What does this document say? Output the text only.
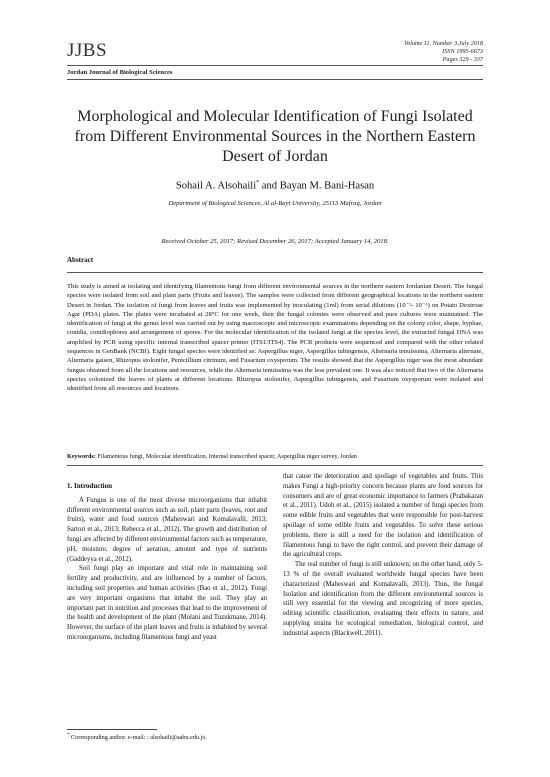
JJBS	Volume 11, Number 3,July 2018
ISSN 1995-6673
Pages 329 - 337
Jordan Journal of Biological Sciences
Morphological and Molecular Identification of Fungi Isolated from Different Environmental Sources in the Northern Eastern Desert of Jordan
Sohail A. Alsohaili* and Bayan M. Bani-Hasan
Department of Biological Sciences, Al al-Bayt University, 25113 Mafraq, Jordan
Received October 25, 2017; Revised December 26, 2017; Accepted January 14, 2018.
Abstract
This study is aimed at isolating and identifying filamentous fungi from different environmental sources in the northern eastern Jordanian Desert. The fungal species were isolated from soil and plant parts (Fruits and leaves). The samples were collected from different geographical locations in the northern eastern Desert in Jordan. The isolation of fungi from leaves and fruits was implemented by inoculating (1ml) from serial dilutions (10⁻¹- 10⁻⁶) on Potato Dextrose Agar (PDA) plates. The plates were incubated at 28°C for one week, then the fungal colonies were observed and pure cultures were maintained. The identification of fungi at the genus level was carried out by using macroscopic and microscopic examinations depending on the colony color, shape, hyphae, conidia, conidiophores and arrangement of spores. For the molecular identification of the isolated fungi at the species level, the extracted fungal DNA was amplified by PCR using specific internal transcribed spacer primer (ITS1/ITS4). The PCR products were sequenced and compared with the other related sequences in GenBank (NCBI). Eight fungal species were identified as: Aspergillus niger, Aspergillus tubingensis, Alternaria tenuissima, Alternaria alternate, Alternaria gaisen, Rhizopus stolonifer, Penicillium citrinum, and Fusarium oxysporum. The results showed that the Aspergillus niger was the most abundant fungus obtained from all the locations and resources, while the Alternaria tenuissima was the less prevalent one. It was also noticed that two of the Alternaria species colonized the leaves of plants at different locations. Rhizopus stolonifer, Aspergillus tubingensis, and Fusarium oxysporum were isolated and identified from all resources and locations.
Keywords: Filamentous fungi, Molecular identification, Internal transcribed spacer, Aspergillus niger survey, Jordan
1. Introduction

A Fungus is one of the most diverse microorganisms that inhabit different environmental sources such as soil, plant parts (leaves, root and fruits), water and food sources (Maheswari and Komalavalli, 2013; Sartori et al., 2013; Rebecca et al., 2012). The growth and distribution of fungi are affected by different environmental factors such as temperature, pH, moisture, degree of aeration, amount and type of nutrients (Gaddeyya et al., 2012).

Soil fungi play an important and vital role in maintaining soil fertility and productivity, and are influenced by a number of factors, including soil properties and human activities (Bao et al., 2012). Fungi are very important organisms that inhabit the soil. They play an important part in nutrition and processes that lead to the improvement of the health and development of the plant (Molani and Tuzukmane, 2014). However, the surface of the plant leaves and fruits is inhabited by several microorganisms, including filamentous fungi and yeast

that cause the deterioration and spoilage of vegetables and fruits. This makes Fungi a high-priority concern because plants are food sources for consumers and are of great economic importance to farmers (Prabakaran et al., 2011). Udoh et al., (2015) isolated a number of fungi species from some edible fruits and vegetables that were responsible for post-harvest spoilage of some edible fruits and vegetables. To solve these serious problems, there is still a need for the isolation and identification of filamentous fungi to have the right control, and prevent their damage of the agricultural crops.

The real number of fungi is still unknown; on the other hand, only 5-13 % of the overall evaluated worldwide fungal species have been characterized (Maheswari and Komalavalli, 2013). Thus, the fungal Isolation and identification from the different environmental sources is still very essential for the viewing and recognizing of more species, editing scientific classification, evaluating their effects in nature, and supplying strains for ecological remediation, biological control, and industrial aspects (Blackwell, 2011).

* Corresponding author. e-mail: : alsohaili@aabu.edu.jo.
